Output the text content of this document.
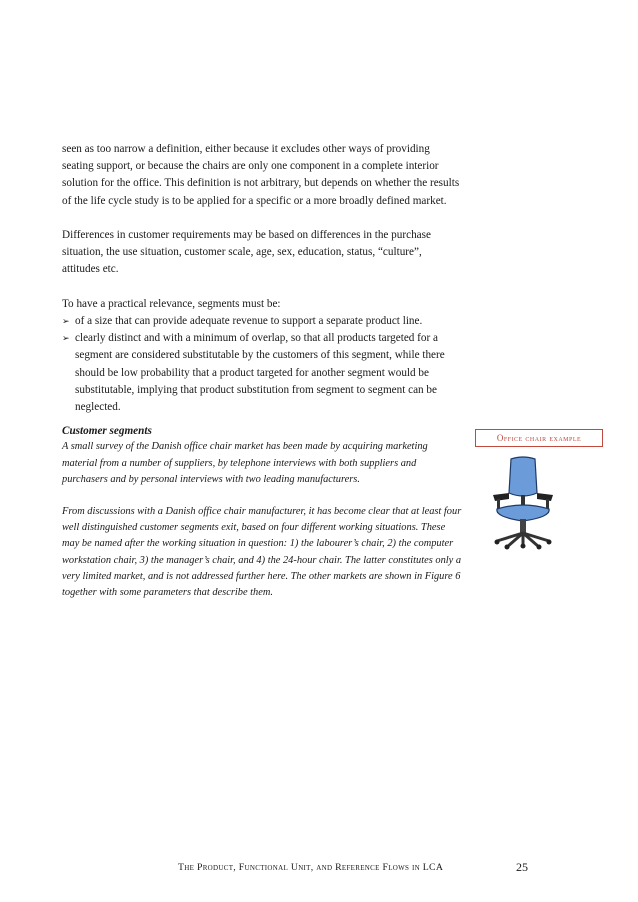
seen as too narrow a definition, either because it excludes other ways of providing seating support, or because the chairs are only one component in a complete interior solution for the office. This definition is not arbitrary, but depends on whether the results of the life cycle study is to be applied for a specific or a more broadly defined market.

Differences in customer requirements may be based on differences in the purchase situation, the use situation, customer scale, age, sex, education, status, “culture”, attitudes etc.

To have a practical relevance, segments must be:

➢ of a size that can provide adequate revenue to support a separate product line.
➢ clearly distinct and with a minimum of overlap, so that all products targeted for a segment are considered substitutable by the customers of this segment, while there should be low probability that a product targeted for another segment would be substitutable, implying that product substitution from segment to segment can be neglected.
Customer segments

A small survey of the Danish office chair market has been made by acquiring marketing material from a number of suppliers, by telephone interviews with both suppliers and purchasers and by personal interviews with two leading manufacturers.

From discussions with a Danish office chair manufacturer, it has become clear that at least four well distinguished customer segments exit, based on four different working situations. These may be named after the working situation in question: 1) the labourer’s chair, 2) the computer workstation chair, 3) the manager’s chair, and 4) the 24-hour chair. The latter constitutes only a very limited market, and is not addressed further here. The other markets are shown in Figure 6 together with some parameters that describe them.

Office chair example
The Product, Functional Unit, and Reference Flows in LCA	25
